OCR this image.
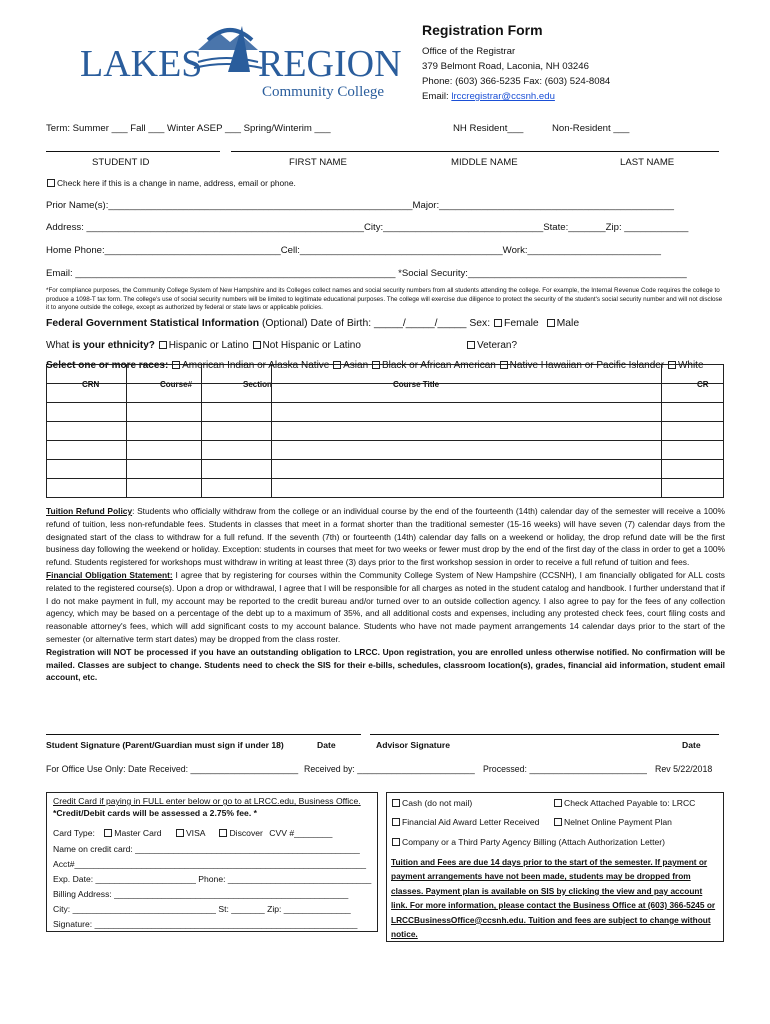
LAKES REGION
Community College
Registration Form
Office of the Registrar
379 Belmont Road, Laconia, NH 03246
Phone: (603) 366-5235 Fax: (603) 524-8084
Email: lrccregistrar@ccsnh.edu
Term: Summer ___ Fall ___ Winter ASEP ___ Spring/Winterim ___	NH Resident___	Non-Resident ___
STUDENT ID	FIRST NAME	MIDDLE NAME	LAST NAME
Check here if this is a change in name, address, email or phone.
Prior Name(s):_________________________________________________________Major:____________________________________________
Address: ____________________________________________________City:______________________________State:_______Zip: ____________
Home Phone:_________________________________Cell:______________________________________Work:_________________________
Email: ____________________________________________________________ *Social Security:_________________________________________
*For compliance purposes, the Community College System of New Hampshire and its Colleges collect names and social security numbers from all students attending the college. For example, the Internal Revenue Code requires the college to produce a 1098-T tax form. The college's use of social security numbers will be limited to legitimate educational purposes. The college will exercise due diligence to protect the security of the student's social security number and will not disclose it to anyone outside the college, except as authorized by federal or state laws or applicable policies.
Federal Government Statistical Information (Optional) Date of Birth: _____/_____/_____ Sex: Female Male
What is your ethnicity? Hispanic or Latino Not Hispanic or Latino	Veteran?
Select one or more races: American Indian or Alaska Native Asian Black or African American Native Hawaiian or Pacific Islander White
CRN	Course#	Section	Course Title	CR

Tuition Refund Policy: Students who officially withdraw from the college or an individual course by the end of the fourteenth (14th) calendar day of the semester will receive a 100% refund of tuition, less non-refundable fees. Students in classes that meet in a format shorter than the traditional semester (15-16 weeks) will have seven (7) calendar days from the designated start of the class to withdraw for a full refund. If the seventh (7th) or fourteenth (14th) calendar day falls on a weekend or holiday, the drop refund date will be the first business day following the weekend or holiday. Exception: students in courses that meet for two weeks or fewer must drop by the end of the first day of the class in order to get a 100% refund. Students registered for workshops must withdraw in writing at least three (3) days prior to the first workshop session in order to receive a full refund of tuition and fees.
Financial Obligation Statement: I agree that by registering for courses within the Community College System of New Hampshire (CCSNH), I am financially obligated for ALL costs related to the registered course(s). Upon a drop or withdrawal, I agree that I will be responsible for all charges as noted in the student catalog and handbook. I further understand that if I do not make payment in full, my account may be reported to the credit bureau and/or turned over to an outside collection agency. I also agree to pay for the fees of any collection agency, which may be based on a percentage of the debt up to a maximum of 35%, and all additional costs and expenses, including any protested check fees, court filing costs and reasonable attorney's fees, which will add significant costs to my account balance. Students who have not made payment arrangements 14 calendar days prior to the start of the semester (or alternative term start dates) may be dropped from the class roster.
Registration will NOT be processed if you have an outstanding obligation to LRCC. Upon registration, you are enrolled unless otherwise notified. No confirmation will be mailed. Classes are subject to change. Students need to check the SIS for their e-bills, schedules, classroom location(s), grades, financial aid information, student email account, etc.
Student Signature (Parent/Guardian must sign if under 18)	Date	Advisor Signature	Date
For Office Use Only: Date Received: ______________________ Received by: ________________________ Processed: ________________________ Rev 5/22/2018
Credit Card if paying in FULL enter below or go to at LRCC.edu, Business Office.
*Credit/Debit cards will be assessed a 2.75% fee. *
Card Type: Master Card	VISA	Discover CVV #________
Name on credit card: _______________________________________________
Acct#_____________________________________________________________
Exp. Date: _____________________ Phone: ______________________________
Billing Address: _________________________________________________
City: ______________________________ St: _______ Zip: ______________
Signature: _______________________________________________________
Cash (do not mail)	Check Attached Payable to: LRCC
Financial Aid Award Letter Received	Nelnet Online Payment Plan
Company or a Third Party Agency Billing (Attach Authorization Letter)
Tuition and Fees are due 14 days prior to the start of the semester. If payment or payment arrangements have not been made, students may be dropped from classes. Payment plan is available on SIS by clicking the view and pay account link. For more information, please contact the Business Office at (603) 366-5245 or LRCCBusinessOffice@ccsnh.edu. Tuition and fees are subject to change without notice.
